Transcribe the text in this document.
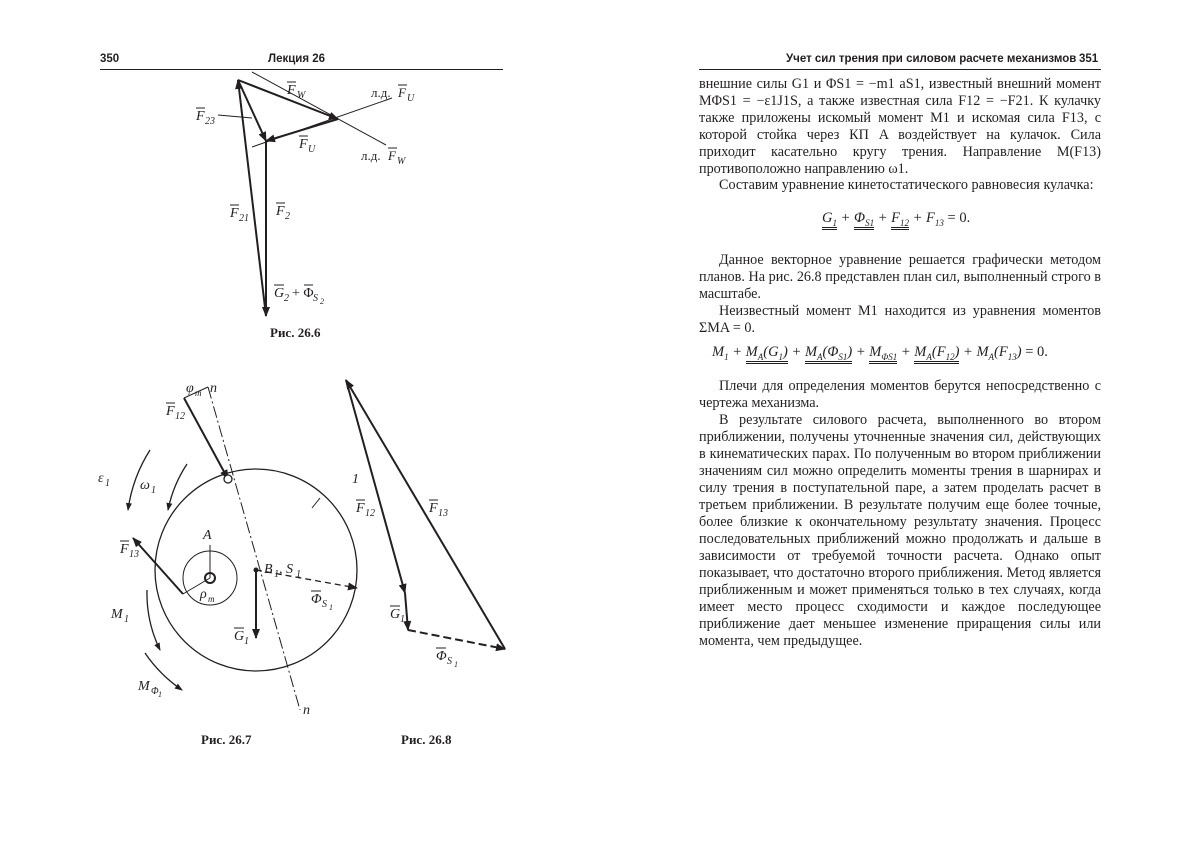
350	Лекция 26
F W
F 23
F U
F 21 F 2
G 2 + Φ S 2
л.д. F U
л.д. F W
Рис. 26.6
φ т n
F 12
ε 1 ω 1
1
F 13
A
B 1 , S 1
ρ т	Φ S 1
M 1
G 1
M Φ 1
n
Рис. 26.7
F 12	F 13
G 1
Φ S 1
Рис. 26.8
Учет сил трения при силовом расчете механизмов 351

внешние силы G1 и ΦS1 = −m1 aS1, известный внешний момент MΦS1 = −ε1J1S, а также известная сила F12 = −F21. К кулачку также приложены искомый момент M1 и искомая сила F13, с которой стойка через КП A воздействует на кулачок. Сила приходит касательно кругу трения. Направление M(F13) противоположно направлению ω1.

Составим уравнение кинетостатического равновесия кулачка:

$G_1 + \Phi_{S1} + F_{12} + F_{13} = 0$.

Данное векторное уравнение решается графически методом планов. На рис. 26.8 представлен план сил, выполненный строго в масштабе.

Неизвестный момент M1 находится из уравнения моментов ΣMA = 0.

$M_1 + M_A(G_1) + M_A(\Phi_{S1}) + M_{\Phi S1} + M_A(F_{12}) + M_A(F_{13}) = 0$.

Плечи для определения моментов берутся непосредственно с чертежа механизма.

В результате силового расчета, выполненного во втором приближении, получены уточненные значения сил, действующих в кинематических парах. По полученным во втором приближении значениям сил можно определить моменты трения в шарнирах и силу трения в поступательной паре, а затем проделать расчет в третьем приближении. В результате получим еще более точные, более близкие к окончательному результату значения. Процесс последовательных приближений можно продолжать и дальше в зависимости от требуемой точности расчета. Однако опыт показывает, что достаточно второго приближения. Метод является приближенным и может применяться только в тех случаях, когда имеет место процесс сходимости и каждое последующее приближение дает меньшее изменение приращения силы или момента, чем предыдущее.
